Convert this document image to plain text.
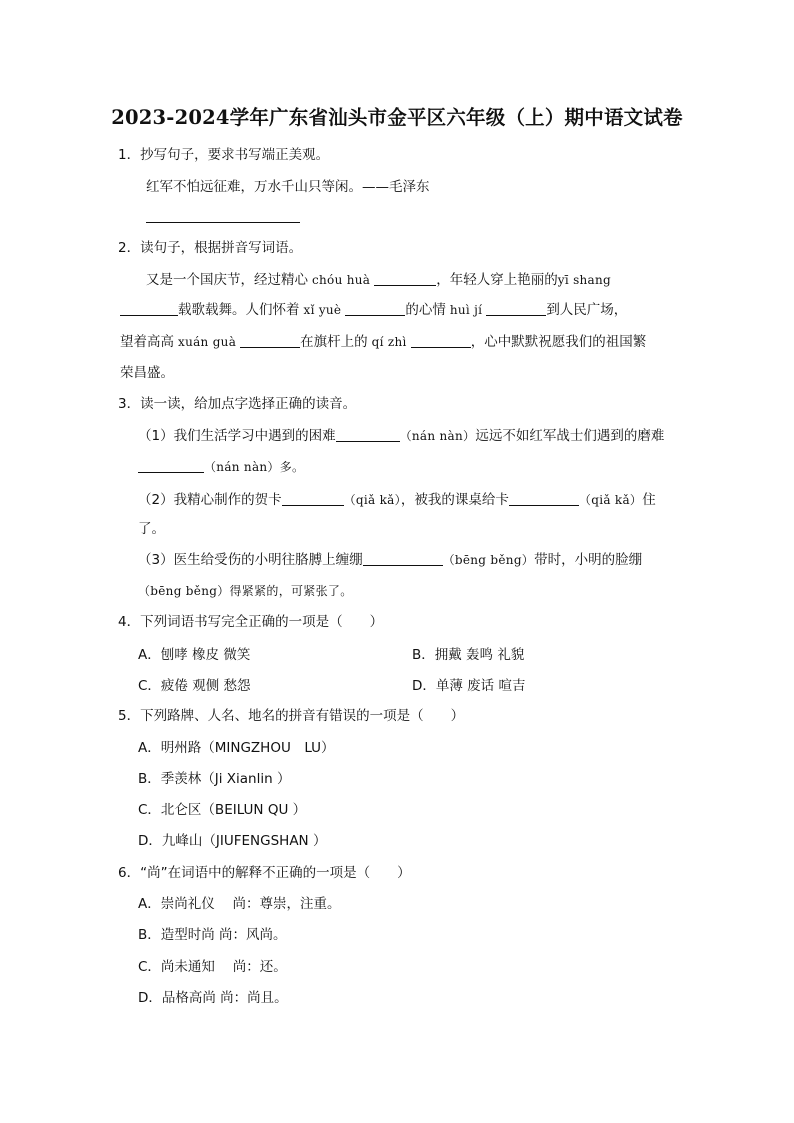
2023-2024学年广东省汕头市金平区六年级（上）期中语文试卷
1．抄写句子，要求书写端正美观。
红军不怕远征难，万水千山只等闲。——毛泽东
2．读句子，根据拼音写词语。
又是一个国庆节，经过精心 chóu huà	，年轻人穿上艳丽的yī shang
载歌载舞。人们怀着 xǐ yuè	的心情 huì jí	到人民广场，
望着高高 xuán guà	在旗杆上的 qí zhì	，心中默默祝愿我们的祖国繁
荣昌盛。
3．读一读，给加点字选择正确的读音。
（1）我们生活学习中遇到的困难	（nán nàn）远远不如红军战士们遇到的磨难
（nán nàn）多。
（2）我精心制作的贺卡	（qiǎ kǎ），被我的课桌给卡	（qiǎ kǎ）住
了。
（3）医生给受伤的小明往胳膊上缠绷	（bēng běng）带时，小明的脸绷
（bēng běng）得紧紧的，可紧张了。
4．下列词语书写完全正确的一项是（　　）
A．刨哮 橡皮 微笑	B．拥戴 轰鸣 礼貌
C．疲倦 观侧 愁怨	D．单薄 废话 喧吉
5．下列路牌、人名、地名的拼音有错误的一项是（　　）
A．明州路（MINGZHOU　LU）
B．季羡林（Ji Xianlin ）
C．北仑区（BEILUN QU ）
D．九峰山（JIUFENGSHAN ）
6．“尚”在词语中的解释不正确的一项是（　　）
A．崇尚礼仪　 尚：尊崇，注重。
B．造型时尚 尚：风尚。
C．尚未通知　 尚：还。
D．品格高尚 尚：尚且。
